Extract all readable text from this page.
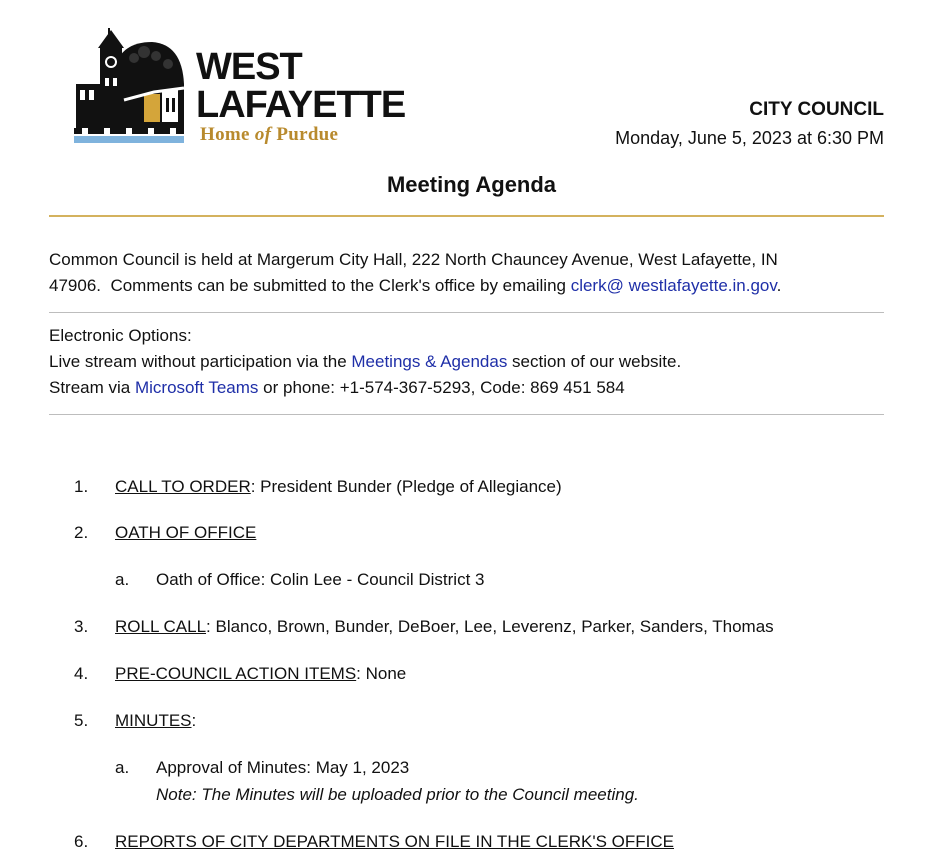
WEST
LAFAYETTE
Home of Purdue
CITY COUNCIL
Monday, June 5, 2023 at 6:30 PM
Meeting Agenda
Common Council is held at Margerum City Hall, 222 North Chauncey Avenue, West Lafayette, IN
47906.  Comments can be submitted to the Clerk's office by emailing clerk@ westlafayette.in.gov.
Electronic Options:
Live stream without participation via the Meetings & Agendas section of our website.
Stream via Microsoft Teams or phone: +1-574-367-5293, Code: 869 451 584
1. CALL TO ORDER: President Bunder (Pledge of Allegiance)
2. OATH OF OFFICE
a. Oath of Office: Colin Lee - Council District 3
3. ROLL CALL: Blanco, Brown, Bunder, DeBoer, Lee, Leverenz, Parker, Sanders, Thomas
4. PRE-COUNCIL ACTION ITEMS: None
5. MINUTES:
a. Approval of Minutes: May 1, 2023
Note: The Minutes will be uploaded prior to the Council meeting.
6. REPORTS OF CITY DEPARTMENTS ON FILE IN THE CLERK'S OFFICE
